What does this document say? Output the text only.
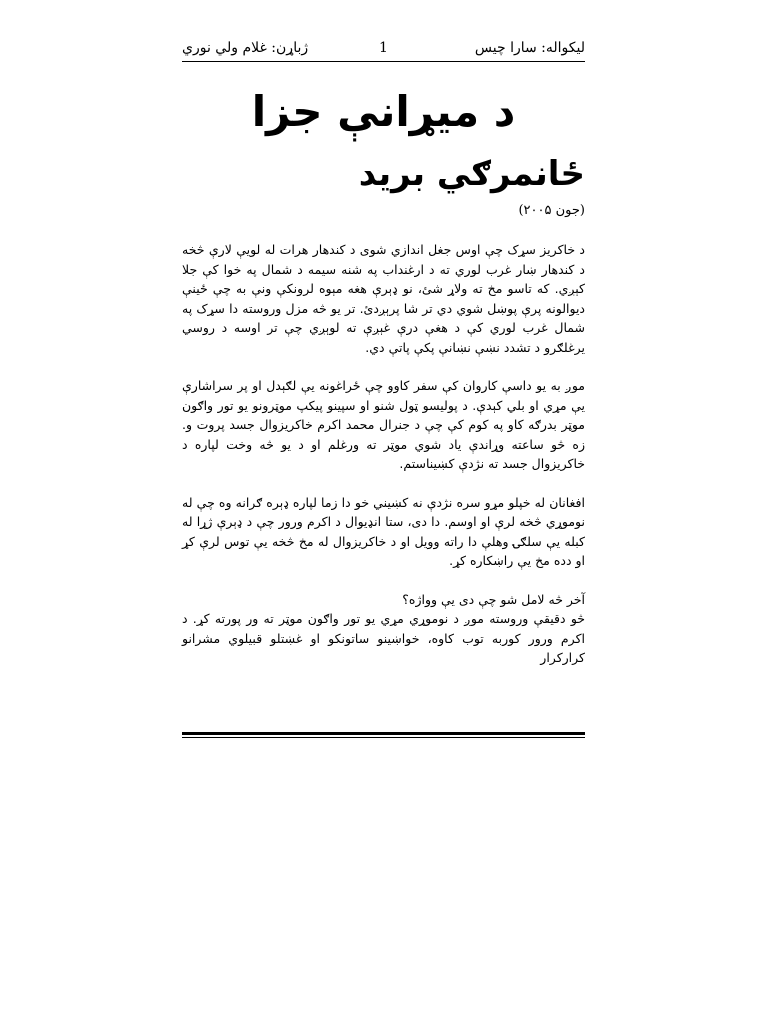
ليکواله: سارا چيس
1
ژباړن: غلام ولي نوري
د ميړانې جزا
ځانمرګي بريد
(جون ۲۰۰۵)

د خاکريز سړک چې اوس جغل اندازي شوی د کندهار هرات له لويې لارې څخه د کندهار ښار غرب لوري ته د ارغنداب په شنه سيمه د شمال په خوا کې جلا کېږي. که تاسو مخ ته ولاړ شئ، نو ډېرې هغه مېوه لرونکې ونې به چې ځينې ديوالونه پرې پوښل شوي دي تر شا پرېږدئ. تر يو څه مزل وروسته دا سړک په شمال غرب لوري کې د هغې درې غېږې ته لوېږي چې تر اوسه د روسي يرغلګرو د تشدد نښې نښانې پکې پاتې دي.

موږ به يو داسې کاروان کې سفر کاوو چې ځراغونه يې لګېدل او پر سراشارې يې مړي او بلي کېدې. د پوليسو ټول شنو او سپينو پيکپ موټرونو يو تور واګون موټر بدرګه کاو په کوم کې چې د جنرال محمد اکرم خاکريزوال جسد پروت و. زه څو ساعته وړاندې ياد شوي موټر ته ورغلم او د يو څه وخت لپاره د خاکريزوال جسد ته نژدې کښيناستم.

افغانان له خپلو مړو سره نژدې نه کښيني خو دا زما لپاره ډېره ګرانه وه چې له نوموړي څخه لرې او اوسم. دا دی، ستا انډيوال د اکرم ورور چې د ډېرې ژړا له کبله يې سلګۍ وهلې دا راته وويل او د خاکريزوال له مخ څخه يې توس لرې کړ او دده مخ يې راښکاره کړ.

آخر څه لامل شو چې دی يې وواژه؟

څو دقيقې وروسته موږ د نوموړي مړي يو تور واګون موټر ته ور پورته کړ. د اکرم ورور کوربه توب کاوه، خواښينو ساتونکو او غښتلو قبيلوي مشرانو کرارکرار
